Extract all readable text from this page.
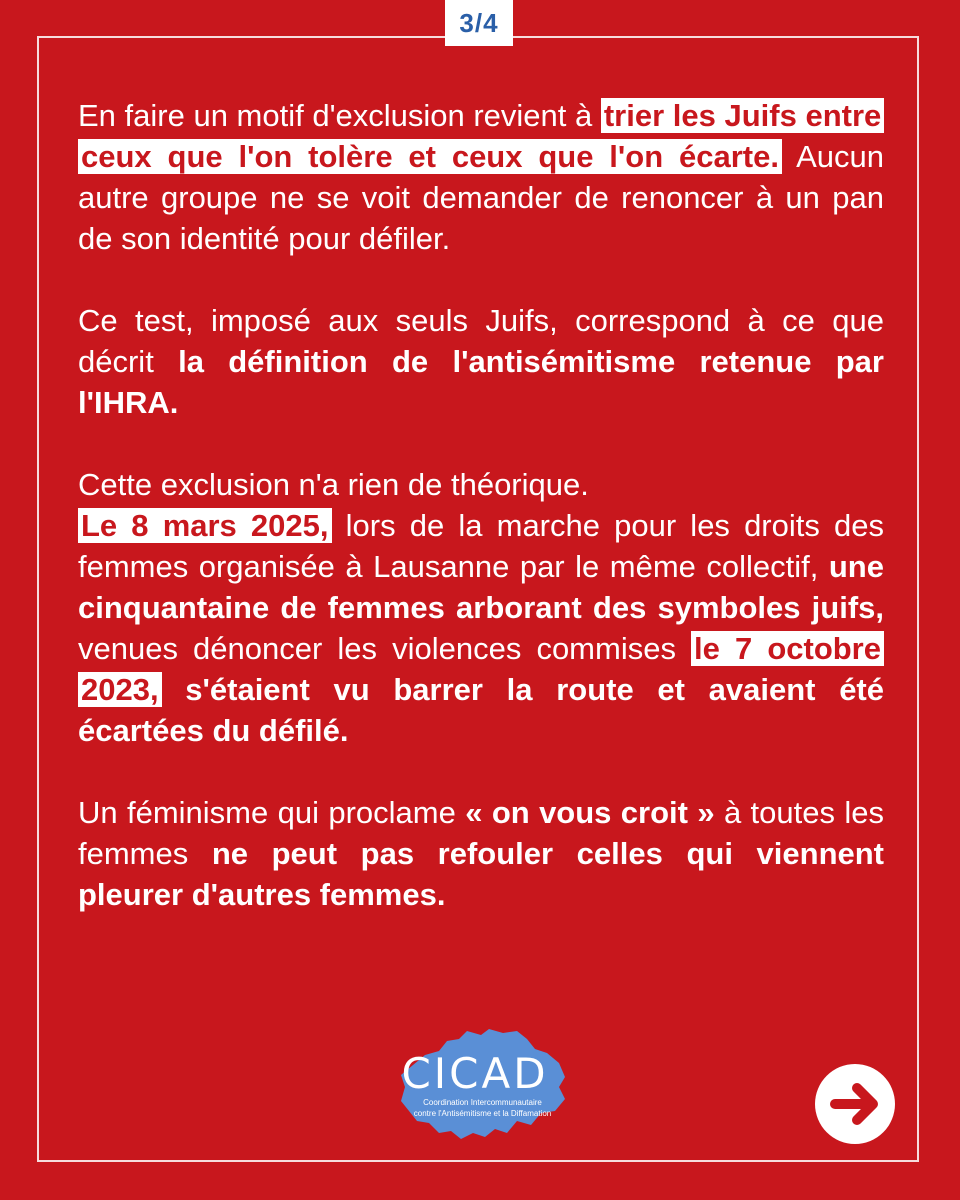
3/4

En faire un motif d'exclusion revient à trier les Juifs entre ceux que l'on tolère et ceux que l'on écarte. Aucun autre groupe ne se voit demander de renoncer à un pan de son identité pour défiler.

Ce test, imposé aux seuls Juifs, correspond à ce que décrit la définition de l'antisémitisme retenue par l'IHRA.

Cette exclusion n'a rien de théorique.

Le 8 mars 2025, lors de la marche pour les droits des femmes organisée à Lausanne par le même collectif, une cinquantaine de femmes arborant des symboles juifs, venues dénoncer les violences commises le 7 octobre 2023, s'étaient vu barrer la route et avaient été écartées du défilé.

Un féminisme qui proclame « on vous croit » à toutes les femmes ne peut pas refouler celles qui viennent pleurer d'autres femmes.

CICAD
Coordination Intercommunautaire
contre l'Antisémitisme et la Diffamation
